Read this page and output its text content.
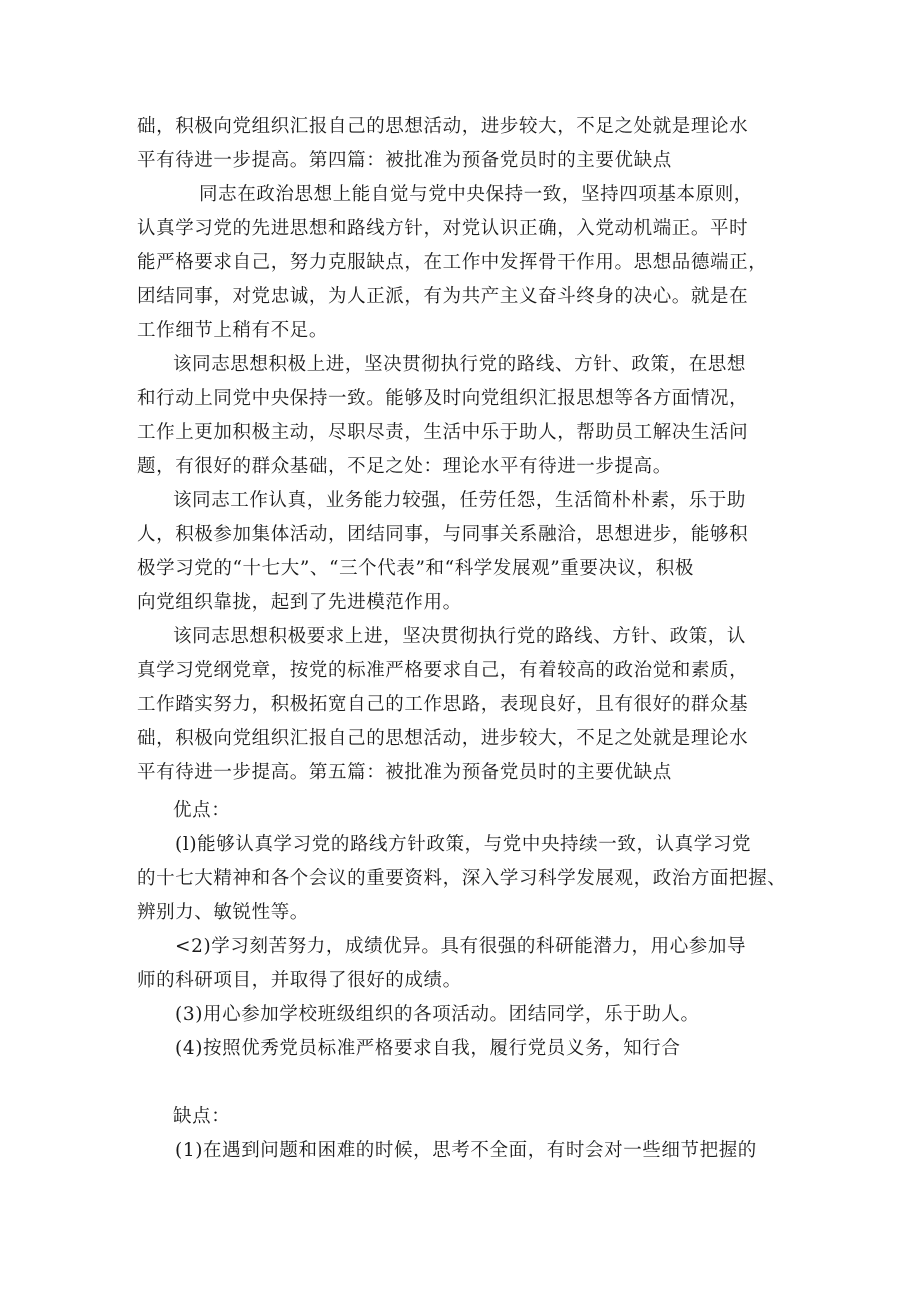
础，积极向党组织汇报自己的思想活动，进步较大，不足之处就是理论水
平有待进一步提高。第四篇：被批准为预备党员时的主要优缺点

同志在政治思想上能自觉与党中央保持一致，坚持四项基本原则，
认真学习党的先进思想和路线方针，对党认识正确，入党动机端正。平时
能严格要求自己，努力克服缺点，在工作中发挥骨干作用。思想品德端正，
团结同事，对党忠诚，为人正派，有为共产主义奋斗终身的决心。就是在
工作细节上稍有不足。

该同志思想积极上进，坚决贯彻执行党的路线、方针、政策，在思想
和行动上同党中央保持一致。能够及时向党组织汇报思想等各方面情况，
工作上更加积极主动，尽职尽责，生活中乐于助人，帮助员工解决生活问
题，有很好的群众基础，不足之处：理论水平有待进一步提高。

该同志工作认真，业务能力较强，任劳任怨，生活简朴朴素，乐于助
人，积极参加集体活动，团结同事，与同事关系融洽，思想进步，能够积
极学习党的“十七大”、“三个代表”和“科学发展观”重要决议，积极
向党组织靠拢，起到了先进模范作用。

该同志思想积极要求上进，坚决贯彻执行党的路线、方针、政策，认
真学习党纲党章，按党的标准严格要求自己，有着较高的政治觉和素质，
工作踏实努力，积极拓宽自己的工作思路，表现良好，且有很好的群众基
础，积极向党组织汇报自己的思想活动，进步较大，不足之处就是理论水
平有待进一步提高。第五篇：被批准为预备党员时的主要优缺点

优点：

(l)能够认真学习党的路线方针政策，与党中央持续一致，认真学习党
的十七大精神和各个会议的重要资料，深入学习科学发展观，政治方面把握、
辨别力、敏锐性等。

<2)学习刻苦努力，成绩优异。具有很强的科研能潜力，用心参加导
师的科研项目，并取得了很好的成绩。

(3)用心参加学校班级组织的各项活动。团结同学，乐于助人。

(4)按照优秀党员标准严格要求自我，履行党员义务，知行合

缺点：

(1)在遇到问题和困难的时候，思考不全面，有时会对一些细节把握的
